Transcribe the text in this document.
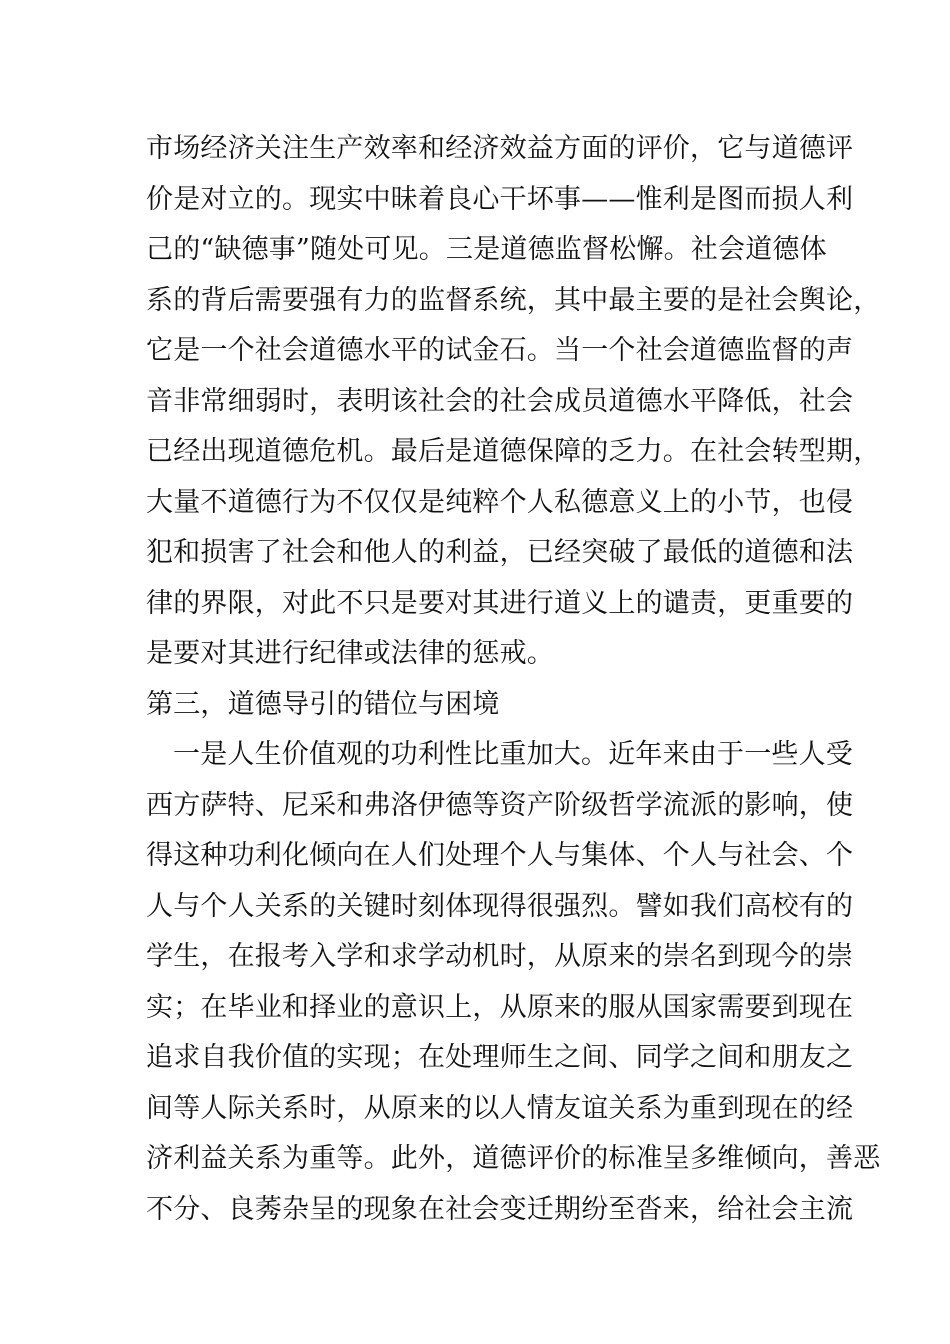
市场经济关注生产效率和经济效益方面的评价，它与道德评
价是对立的。现实中昧着良心干坏事——惟利是图而损人利
己的“缺德事”随处可见。三是道德监督松懈。社会道德体
系的背后需要强有力的监督系统，其中最主要的是社会舆论，
它是一个社会道德水平的试金石。当一个社会道德监督的声
音非常细弱时，表明该社会的社会成员道德水平降低，社会
已经出现道德危机。最后是道德保障的乏力。在社会转型期，
大量不道德行为不仅仅是纯粹个人私德意义上的小节，也侵
犯和损害了社会和他人的利益，已经突破了最低的道德和法
律的界限，对此不只是要对其进行道义上的谴责，更重要的
是要对其进行纪律或法律的惩戒。
第三，道德导引的错位与困境
一是人生价值观的功利性比重加大。近年来由于一些人受
西方萨特、尼采和弗洛伊德等资产阶级哲学流派的影响，使
得这种功利化倾向在人们处理个人与集体、个人与社会、个
人与个人关系的关键时刻体现得很强烈。譬如我们高校有的
学生，在报考入学和求学动机时，从原来的崇名到现今的崇
实；在毕业和择业的意识上，从原来的服从国家需要到现在
追求自我价值的实现；在处理师生之间、同学之间和朋友之
间等人际关系时，从原来的以人情友谊关系为重到现在的经
济利益关系为重等。此外，道德评价的标准呈多维倾向，善恶
不分、良莠杂呈的现象在社会变迁期纷至沓来，给社会主流
